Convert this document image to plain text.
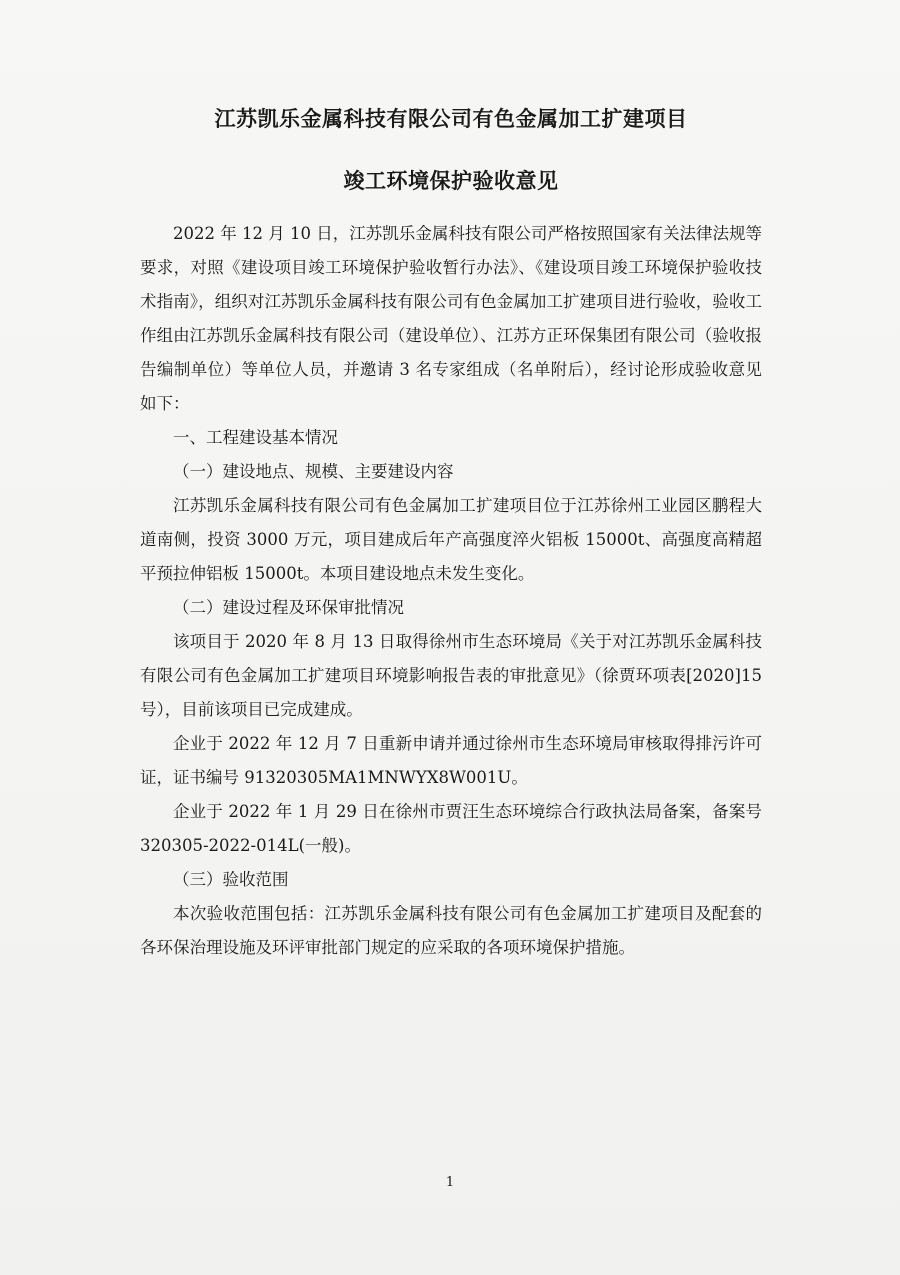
江苏凯乐金属科技有限公司有色金属加工扩建项目

竣工环境保护验收意见

2022 年 12 月 10 日，江苏凯乐金属科技有限公司严格按照国家有关法律法规等要求，对照《建设项目竣工环境保护验收暂行办法》、《建设项目竣工环境保护验收技术指南》，组织对江苏凯乐金属科技有限公司有色金属加工扩建项目进行验收，验收工作组由江苏凯乐金属科技有限公司（建设单位）、江苏方正环保集团有限公司（验收报告编制单位）等单位人员，并邀请 3 名专家组成（名单附后），经讨论形成验收意见如下：

一、工程建设基本情况

（一）建设地点、规模、主要建设内容

江苏凯乐金属科技有限公司有色金属加工扩建项目位于江苏徐州工业园区鹏程大道南侧，投资 3000 万元，项目建成后年产高强度淬火铝板 15000t、高强度高精超平预拉伸铝板 15000t。本项目建设地点未发生变化。

（二）建设过程及环保审批情况

该项目于 2020 年 8 月 13 日取得徐州市生态环境局《关于对江苏凯乐金属科技有限公司有色金属加工扩建项目环境影响报告表的审批意见》（徐贾环项表[2020]15 号），目前该项目已完成建成。

企业于 2022 年 12 月 7 日重新申请并通过徐州市生态环境局审核取得排污许可证，证书编号 91320305MA1MNWYX8W001U。

企业于 2022 年 1 月 29 日在徐州市贾汪生态环境综合行政执法局备案，备案号 320305-2022-014L(一般)。

（三）验收范围

本次验收范围包括：江苏凯乐金属科技有限公司有色金属加工扩建项目及配套的各环保治理设施及环评审批部门规定的应采取的各项环境保护措施。

1
